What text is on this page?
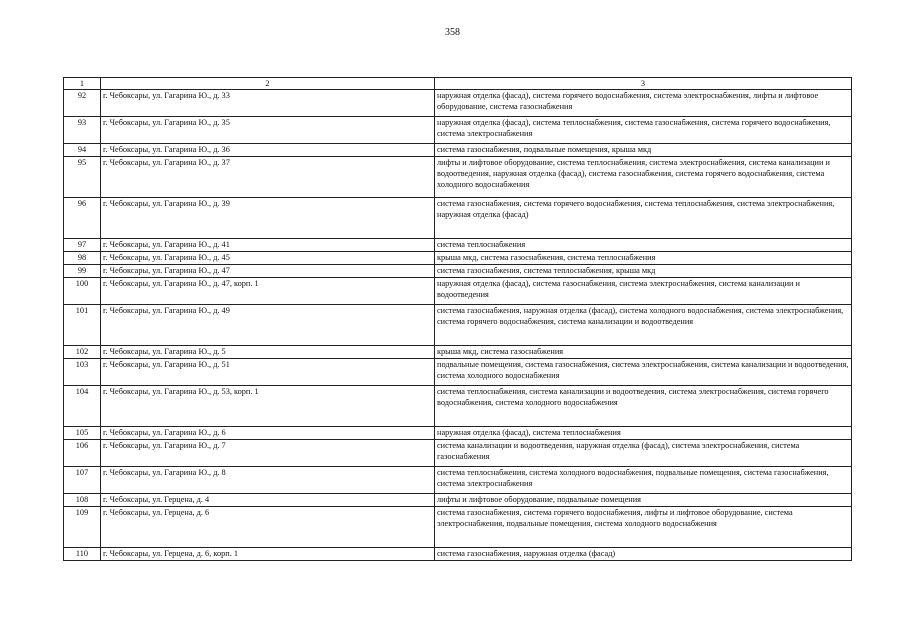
358
1	2	3
92	г. Чебоксары, ул. Гагарина Ю., д. 33	наружная отделка (фасад), система горячего водоснабжения, система электроснабжения, лифты и лифтовое оборудование, система газоснабжения
93	г. Чебоксары, ул. Гагарина Ю., д. 35	наружная отделка (фасад), система теплоснабжения, система газоснабжения, система горячего водоснабжения, система электроснабжения
94	г. Чебоксары, ул. Гагарина Ю., д. 36	система газоснабжения, подвальные помещения, крыша мкд
95	г. Чебоксары, ул. Гагарина Ю., д. 37	лифты и лифтовое оборудование, система теплоснабжения, система электроснабжения, система канализации и водоотведения, наружная отделка (фасад), система газоснабжения, система горячего водоснабжения, система холодного водоснабжения
96	г. Чебоксары, ул. Гагарина Ю., д. 39	система газоснабжения, система горячего водоснабжения, система теплоснабжения, система электроснабжения, наружная отделка (фасад)
97	г. Чебоксары, ул. Гагарина Ю., д. 41	система теплоснабжения
98	г. Чебоксары, ул. Гагарина Ю., д. 45	крыша мкд, система газоснабжения, система теплоснабжения
99	г. Чебоксары, ул. Гагарина Ю., д. 47	система газоснабжения, система теплоснабжения, крыша мкд
100	г. Чебоксары, ул. Гагарина Ю., д. 47, корп. 1	наружная отделка (фасад), система газоснабжения, система электроснабжения, система канализации и водоотведения
101	г. Чебоксары, ул. Гагарина Ю., д. 49	система газоснабжения, наружная отделка (фасад), система холодного водоснабжения, система электроснабжения, система горячего водоснабжения, система канализации и водоотведения
102	г. Чебоксары, ул. Гагарина Ю., д. 5	крыша мкд, система газоснабжения
103	г. Чебоксары, ул. Гагарина Ю., д. 51	подвальные помещения, система газоснабжения, система электроснабжения, система канализации и водоотведения, система холодного водоснабжения
104	г. Чебоксары, ул. Гагарина Ю., д. 53, корп. 1	система теплоснабжения, система канализации и водоотведения, система электроснабжения, система горячего водоснабжения, система холодного водоснабжения
105	г. Чебоксары, ул. Гагарина Ю., д. 6	наружная отделка (фасад), система теплоснабжения
106	г. Чебоксары, ул. Гагарина Ю., д. 7	система канализации и водоотведения, наружная отделка (фасад), система электроснабжения, система газоснабжения
107	г. Чебоксары, ул. Гагарина Ю., д. 8	система теплоснабжения, система холодного водоснабжения, подвальные помещения, система газоснабжения, система электроснабжения
108	г. Чебоксары, ул. Герцена, д. 4	лифты и лифтовое оборудование, подвальные помещения
109	г. Чебоксары, ул. Герцена, д. 6	система газоснабжения, система горячего водоснабжения, лифты и лифтовое оборудование, система электроснабжения, подвальные помещения, система холодного водоснабжения
110	г. Чебоксары, ул. Герцена, д. 6, корп. 1	система газоснабжения, наружная отделка (фасад)
